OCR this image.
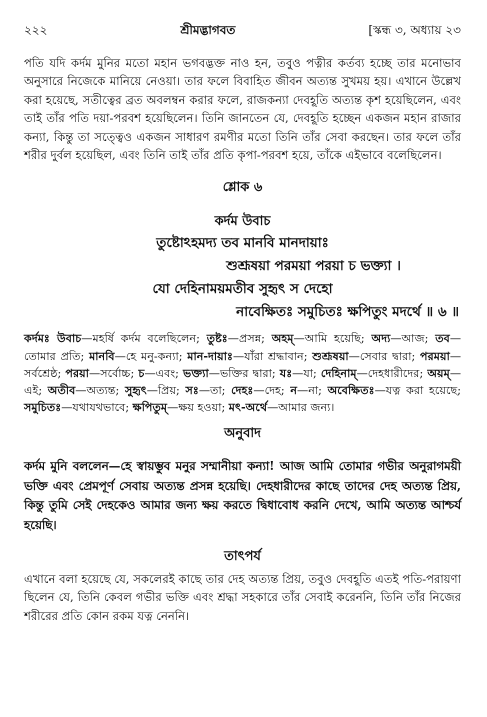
২২২	শ্রীমদ্ভাগবত	[স্কন্ধ ৩, অধ্যায় ২৩

পতি যদি কর্দম মুনির মতো মহান ভগবদ্ভক্ত নাও হন, তবুও পত্নীর কর্তব্য হচ্ছে তার মনোভাব অনুসারে নিজেকে মানিয়ে নেওয়া। তার ফলে বিবাহিত জীবন অত্যন্ত সুখময় হয়। এখানে উল্লেখ করা হয়েছে, সতীত্বের ব্রত অবলম্বন করার ফলে, রাজকন্যা দেবহূতি অত্যন্ত কৃশ হয়েছিলেন, এবং তাই তাঁর পতি দয়া-পরবশ হয়েছিলেন। তিনি জানতেন যে, দেবহূতি হচ্ছেন একজন মহান রাজার কন্যা, কিন্তু তা সত্ত্বেও একজন সাধারণ রমণীর মতো তিনি তাঁর সেবা করছেন। তার ফলে তাঁর শরীর দুর্বল হয়েছিল, এবং তিনি তাই তাঁর প্রতি কৃপা-পরবশ হয়ে, তাঁকে এইভাবে বলেছিলেন।

শ্লোক ৬
কর্দম উবাচ
তুষ্টোঽহমদ্য তব মানবি মানদায়াঃ
শুশ্রূষয়া পরময়া পরয়া চ ভক্ত্যা ।
যো দেহিনাময়মতীব সুহৃৎ স দেহো
নাবেক্ষিতঃ সমুচিতঃ ক্ষপিতুং মদর্থে ॥ ৬ ॥
কর্দমঃ উবাচ—মহর্ষি কর্দম বলেছিলেন; তুষ্টঃ—প্রসন্ন; অহম্—আমি হয়েছি; অদ্য—আজ; তব—তোমার প্রতি; মানবি—হে মনু-কন্যা; মান-দায়াঃ—যাঁরা শ্রদ্ধাবান; শুশ্রূষয়া—সেবার দ্বারা; পরময়া—সর্বশ্রেষ্ঠ; পরয়া—সর্বোচ্চ; চ—এবং; ভক্ত্যা—ভক্তির দ্বারা; যঃ—যা; দেহিনাম্—দেহধারীদের; অয়ম্—এই; অতীব—অত্যন্ত; সুহৃৎ—প্রিয়; সঃ—তা; দেহঃ—দেহ; ন—না; অবেক্ষিতঃ—যত্ন করা হয়েছে; সমুচিতঃ—যথাযথভাবে; ক্ষপিতুম্—ক্ষয় হওয়া; মৎ-অর্থে—আমার জন্য।
অনুবাদ

কর্দম মুনি বললেন—হে স্বায়ম্ভুব মনুর সম্মানীয়া কন্যা! আজ আমি তোমার গভীর অনুরাগময়ী ভক্তি এবং প্রেমপূর্ণ সেবায় অত্যন্ত প্রসন্ন হয়েছি। দেহধারীদের কাছে তাদের দেহ অত্যন্ত প্রিয়, কিন্তু তুমি সেই দেহকেও আমার জন্য ক্ষয় করতে দ্বিধাবোধ করনি দেখে, আমি অত্যন্ত আশ্চর্য হয়েছি।

তাৎপর্য

এখানে বলা হয়েছে যে, সকলেরই কাছে তার দেহ অত্যন্ত প্রিয়, তবুও দেবহূতি এতই পতি-পরায়ণা ছিলেন যে, তিনি কেবল গভীর ভক্তি এবং শ্রদ্ধা সহকারে তাঁর সেবাই করেননি, তিনি তাঁর নিজের শরীরের প্রতি কোন রকম যত্ন নেননি।
